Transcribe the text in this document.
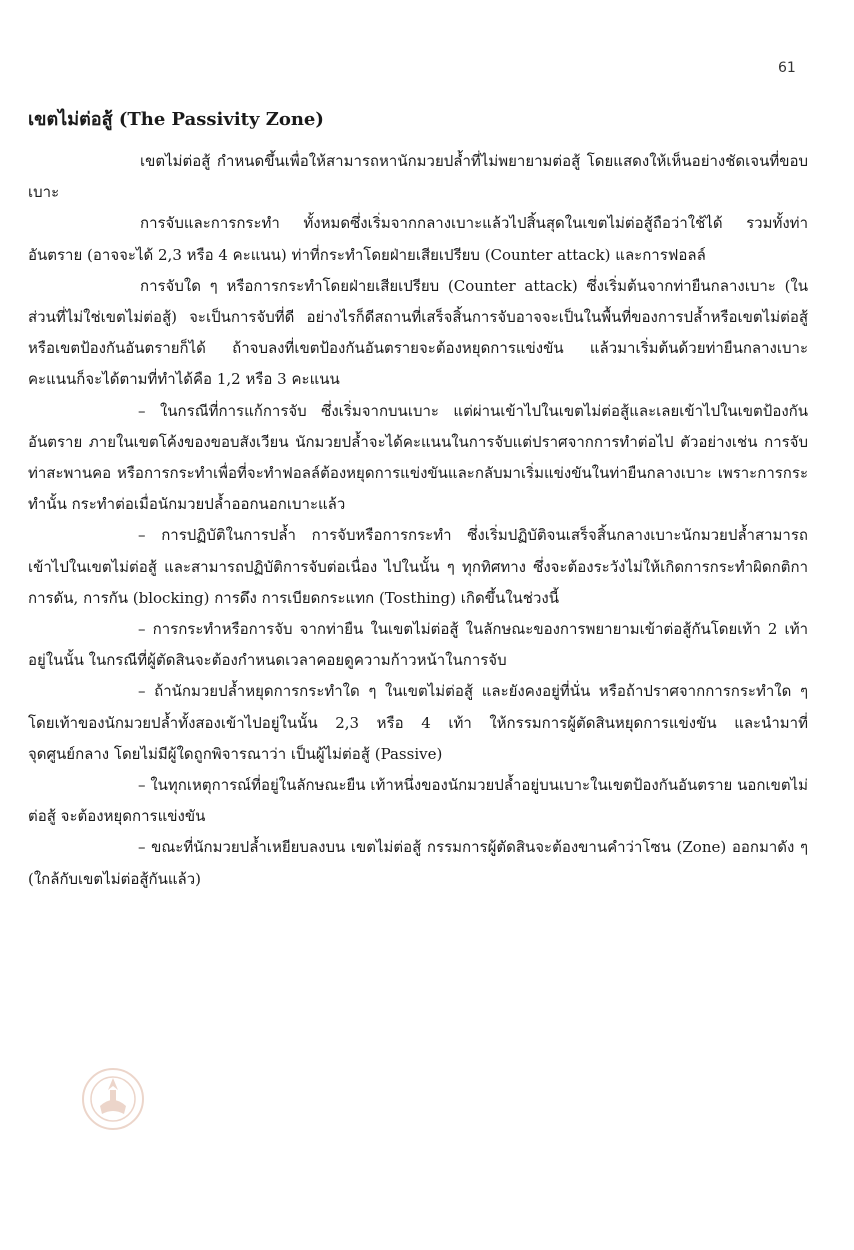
61
เขตไม่ต่อสู้ (The Passivity Zone)

เขตไม่ต่อสู้ กำหนดขึ้นเพื่อให้สามารถหานักมวยปล้ำที่ไม่พยายามต่อสู้ โดยแสดงให้เห็นอย่างชัดเจนที่ขอบเบาะ

การจับและการกระทำ ทั้งหมดซึ่งเริ่มจากกลางเบาะแล้วไปสิ้นสุดในเขตไม่ต่อสู้ถือว่าใช้ได้ รวมทั้งท่าอันตราย (อาจจะได้ 2,3 หรือ 4 คะแนน) ท่าที่กระทำโดยฝ่ายเสียเปรียบ (Counter attack) และการฟอลล์

การจับใด ๆ หรือการกระทำโดยฝ่ายเสียเปรียบ (Counter attack) ซึ่งเริ่มต้นจากท่ายืนกลางเบาะ (ในส่วนที่ไม่ใช่เขตไม่ต่อสู้) จะเป็นการจับที่ดี อย่างไรก็ดีสถานที่เสร็จสิ้นการจับอาจจะเป็นในพื้นที่ของการปล้ำหรือเขตไม่ต่อสู้ หรือเขตป้องกันอันตรายก็ได้ ถ้าจบลงที่เขตป้องกันอันตรายจะต้องหยุดการแข่งขัน แล้วมาเริ่มต้นด้วยท่ายืนกลางเบาะ คะแนนก็จะได้ตามที่ทำได้คือ 1,2 หรือ 3 คะแนน

– ในกรณีที่การแก้การจับ ซึ่งเริ่มจากบนเบาะ แต่ผ่านเข้าไปในเขตไม่ต่อสู้และเลยเข้าไปในเขตป้องกันอันตราย ภายในเขตโค้งของขอบสังเวียน นักมวยปล้ำจะได้คะแนนในการจับแต่ปราศจากการทำต่อไป ตัวอย่างเช่น การจับท่าสะพานคอ หรือการกระทำเพื่อที่จะทำฟอลล์ต้องหยุดการแข่งขันและกลับมาเริ่มแข่งขันในท่ายืนกลางเบาะ เพราะการกระทำนั้น กระทำต่อเมื่อนักมวยปล้ำออกนอกเบาะแล้ว

– การปฏิบัติในการปล้ำ การจับหรือการกระทำ ซึ่งเริ่มปฏิบัติจนเสร็จสิ้นกลางเบาะนักมวยปล้ำสามารถเข้าไปในเขตไม่ต่อสู้ และสามารถปฏิบัติการจับต่อเนื่อง ไปในนั้น ๆ ทุกทิศทาง ซึ่งจะต้องระวังไม่ให้เกิดการกระทำผิดกติกา การดัน, การกัน (blocking) การดึง การเบียดกระแทก (Tosthing) เกิดขึ้นในช่วงนี้

– การกระทำหรือการจับ จากท่ายืน ในเขตไม่ต่อสู้ ในลักษณะของการพยายามเข้าต่อสู้กันโดยเท้า 2 เท้า อยู่ในนั้น ในกรณีที่ผู้ตัดสินจะต้องกำหนดเวลาคอยดูความก้าวหน้าในการจับ

– ถ้านักมวยปล้ำหยุดการกระทำใด ๆ ในเขตไม่ต่อสู้ และยังคงอยู่ที่นั่น หรือถ้าปราศจากการกระทำใด ๆ โดยเท้าของนักมวยปล้ำทั้งสองเข้าไปอยู่ในนั้น 2,3 หรือ 4 เท้า ให้กรรมการผู้ตัดสินหยุดการแข่งขัน และนำมาที่จุดศูนย์กลาง โดยไม่มีผู้ใดถูกพิจารณาว่า เป็นผู้ไม่ต่อสู้ (Passive)

– ในทุกเหตุการณ์ที่อยู่ในลักษณะยืน เท้าหนึ่งของนักมวยปล้ำอยู่บนเบาะในเขตป้องกันอันตราย นอกเขตไม่ต่อสู้ จะต้องหยุดการแข่งขัน

– ขณะที่นักมวยปล้ำเหยียบลงบน เขตไม่ต่อสู้ กรรมการผู้ตัดสินจะต้องขานคำว่าโซน (Zone) ออกมาดัง ๆ (ใกล้กับเขตไม่ต่อสู้กันแล้ว)
